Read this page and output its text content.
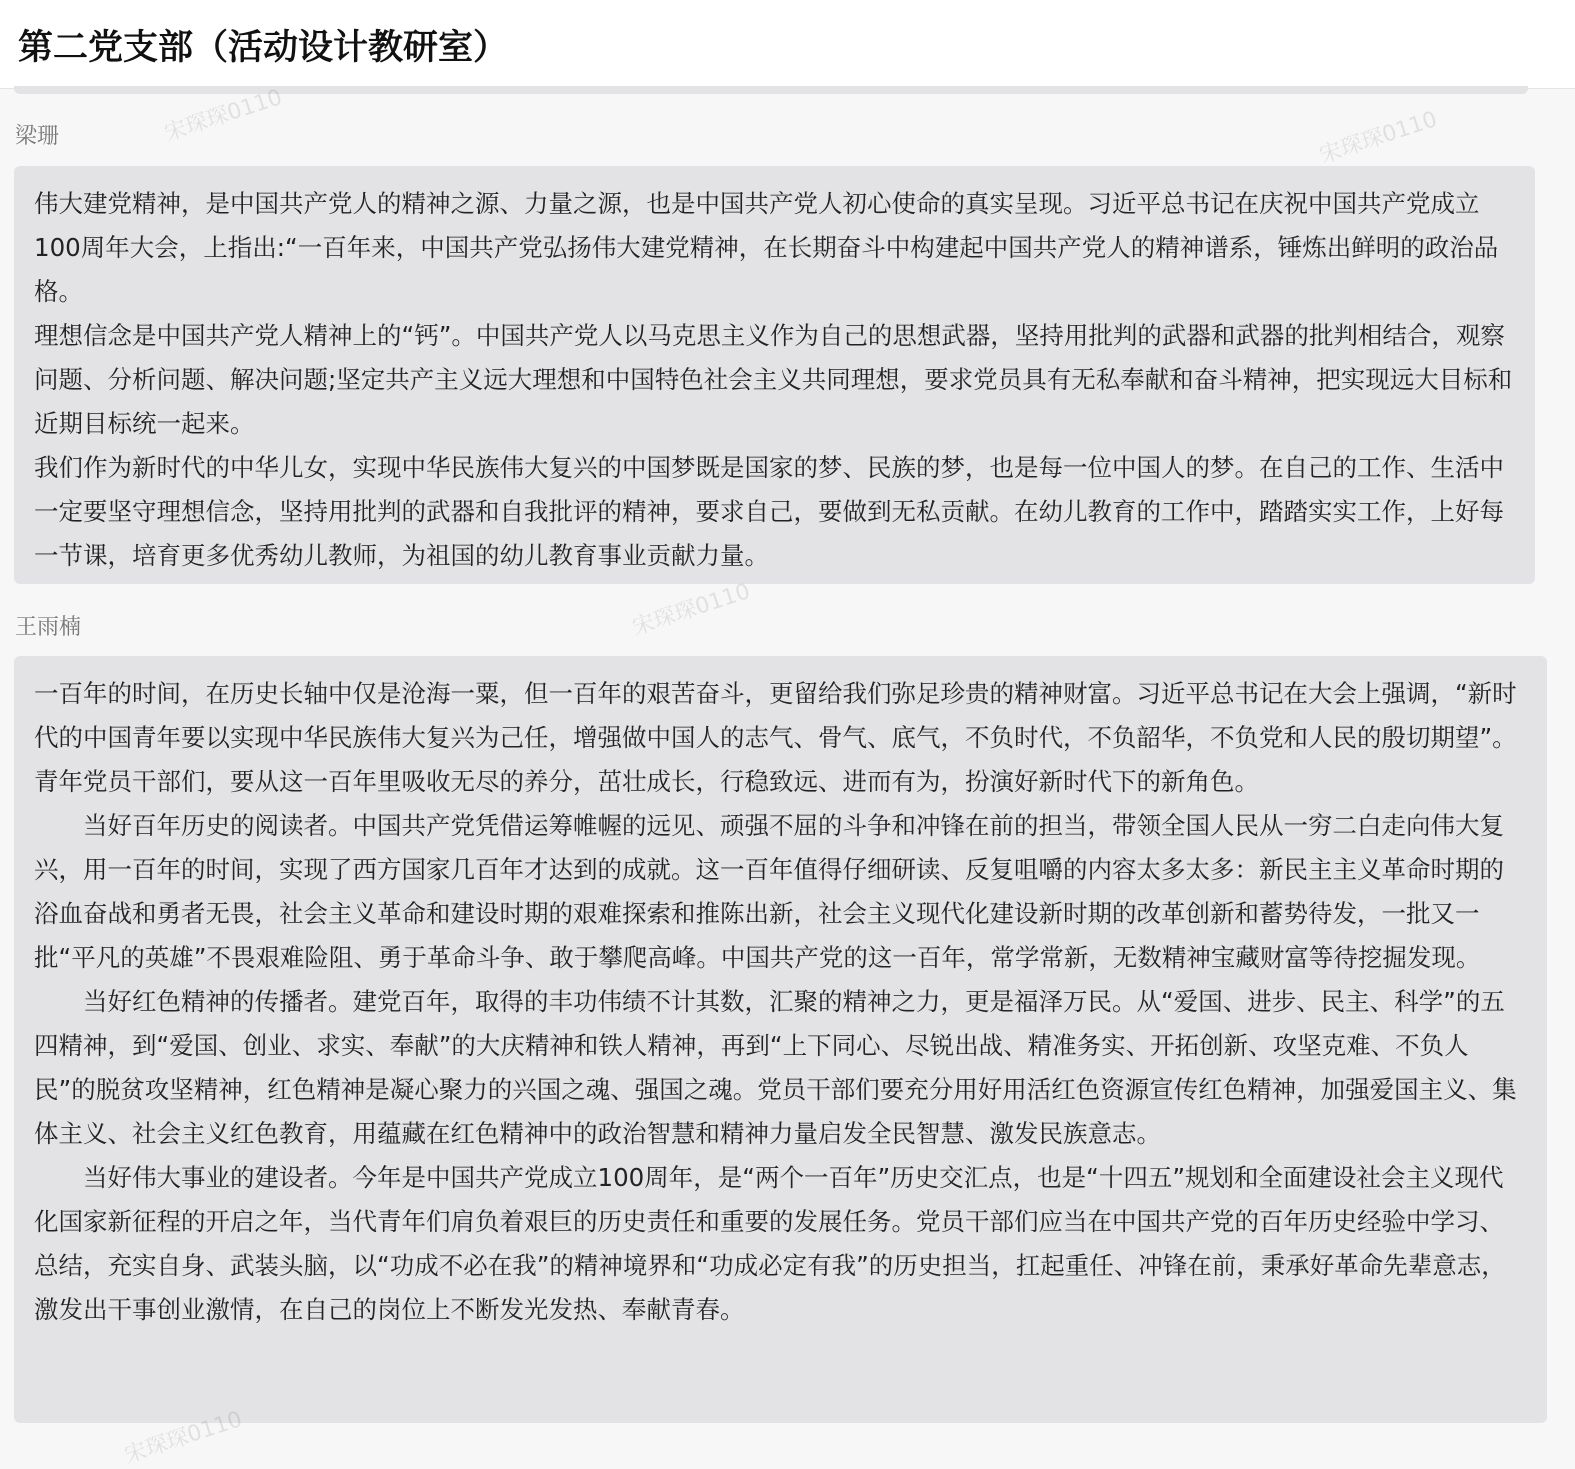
第二党支部（活动设计教研室）
梁珊

伟大建党精神，是中国共产党人的精神之源、力量之源，也是中国共产党人初心使命的真实呈现。习近平总书记在庆祝中国共产党成立100周年大会，上指出:“一百年来，中国共产党弘扬伟大建党精神，在长期奋斗中构建起中国共产党人的精神谱系，锤炼出鲜明的政治品格。

理想信念是中国共产党人精神上的“钙”。中国共产党人以马克思主义作为自己的思想武器，坚持用批判的武器和武器的批判相结合，观察问题、分析问题、解决问题;坚定共产主义远大理想和中国特色社会主义共同理想，要求党员具有无私奉献和奋斗精神，把实现远大目标和近期目标统一起来。

我们作为新时代的中华儿女，实现中华民族伟大复兴的中国梦既是国家的梦、民族的梦，也是每一位中国人的梦。在自己的工作、生活中一定要坚守理想信念，坚持用批判的武器和自我批评的精神，要求自己，要做到无私贡献。在幼儿教育的工作中，踏踏实实工作，上好每一节课，培育更多优秀幼儿教师，为祖国的幼儿教育事业贡献力量。

王雨楠

一百年的时间，在历史长轴中仅是沧海一粟，但一百年的艰苦奋斗，更留给我们弥足珍贵的精神财富。习近平总书记在大会上强调，“新时代的中国青年要以实现中华民族伟大复兴为己任，增强做中国人的志气、骨气、底气，不负时代，不负韶华，不负党和人民的殷切期望”。青年党员干部们，要从这一百年里吸收无尽的养分，茁壮成长，行稳致远、进而有为，扮演好新时代下的新角色。

当好百年历史的阅读者。中国共产党凭借运筹帷幄的远见、顽强不屈的斗争和冲锋在前的担当，带领全国人民从一穷二白走向伟大复兴，用一百年的时间，实现了西方国家几百年才达到的成就。这一百年值得仔细研读、反复咀嚼的内容太多太多：新民主主义革命时期的浴血奋战和勇者无畏，社会主义革命和建设时期的艰难探索和推陈出新，社会主义现代化建设新时期的改革创新和蓄势待发，一批又一批“平凡的英雄”不畏艰难险阻、勇于革命斗争、敢于攀爬高峰。中国共产党的这一百年，常学常新，无数精神宝藏财富等待挖掘发现。

当好红色精神的传播者。建党百年，取得的丰功伟绩不计其数，汇聚的精神之力，更是福泽万民。从“爱国、进步、民主、科学”的五四精神，到“爱国、创业、求实、奉献”的大庆精神和铁人精神，再到“上下同心、尽锐出战、精准务实、开拓创新、攻坚克难、不负人民”的脱贫攻坚精神，红色精神是凝心聚力的兴国之魂、强国之魂。党员干部们要充分用好用活红色资源宣传红色精神，加强爱国主义、集体主义、社会主义红色教育，用蕴藏在红色精神中的政治智慧和精神力量启发全民智慧、激发民族意志。

当好伟大事业的建设者。今年是中国共产党成立100周年，是“两个一百年”历史交汇点，也是“十四五”规划和全面建设社会主义现代化国家新征程的开启之年，当代青年们肩负着艰巨的历史责任和重要的发展任务。党员干部们应当在中国共产党的百年历史经验中学习、总结，充实自身、武装头脑，以“功成不必在我”的精神境界和“功成必定有我”的历史担当，扛起重任、冲锋在前，秉承好革命先辈意志，激发出干事创业激情，在自己的岗位上不断发光发热、奉献青春。

宋琛琛0110	宋琛琛0110
宋琛琛0110
宋琛琛0110
